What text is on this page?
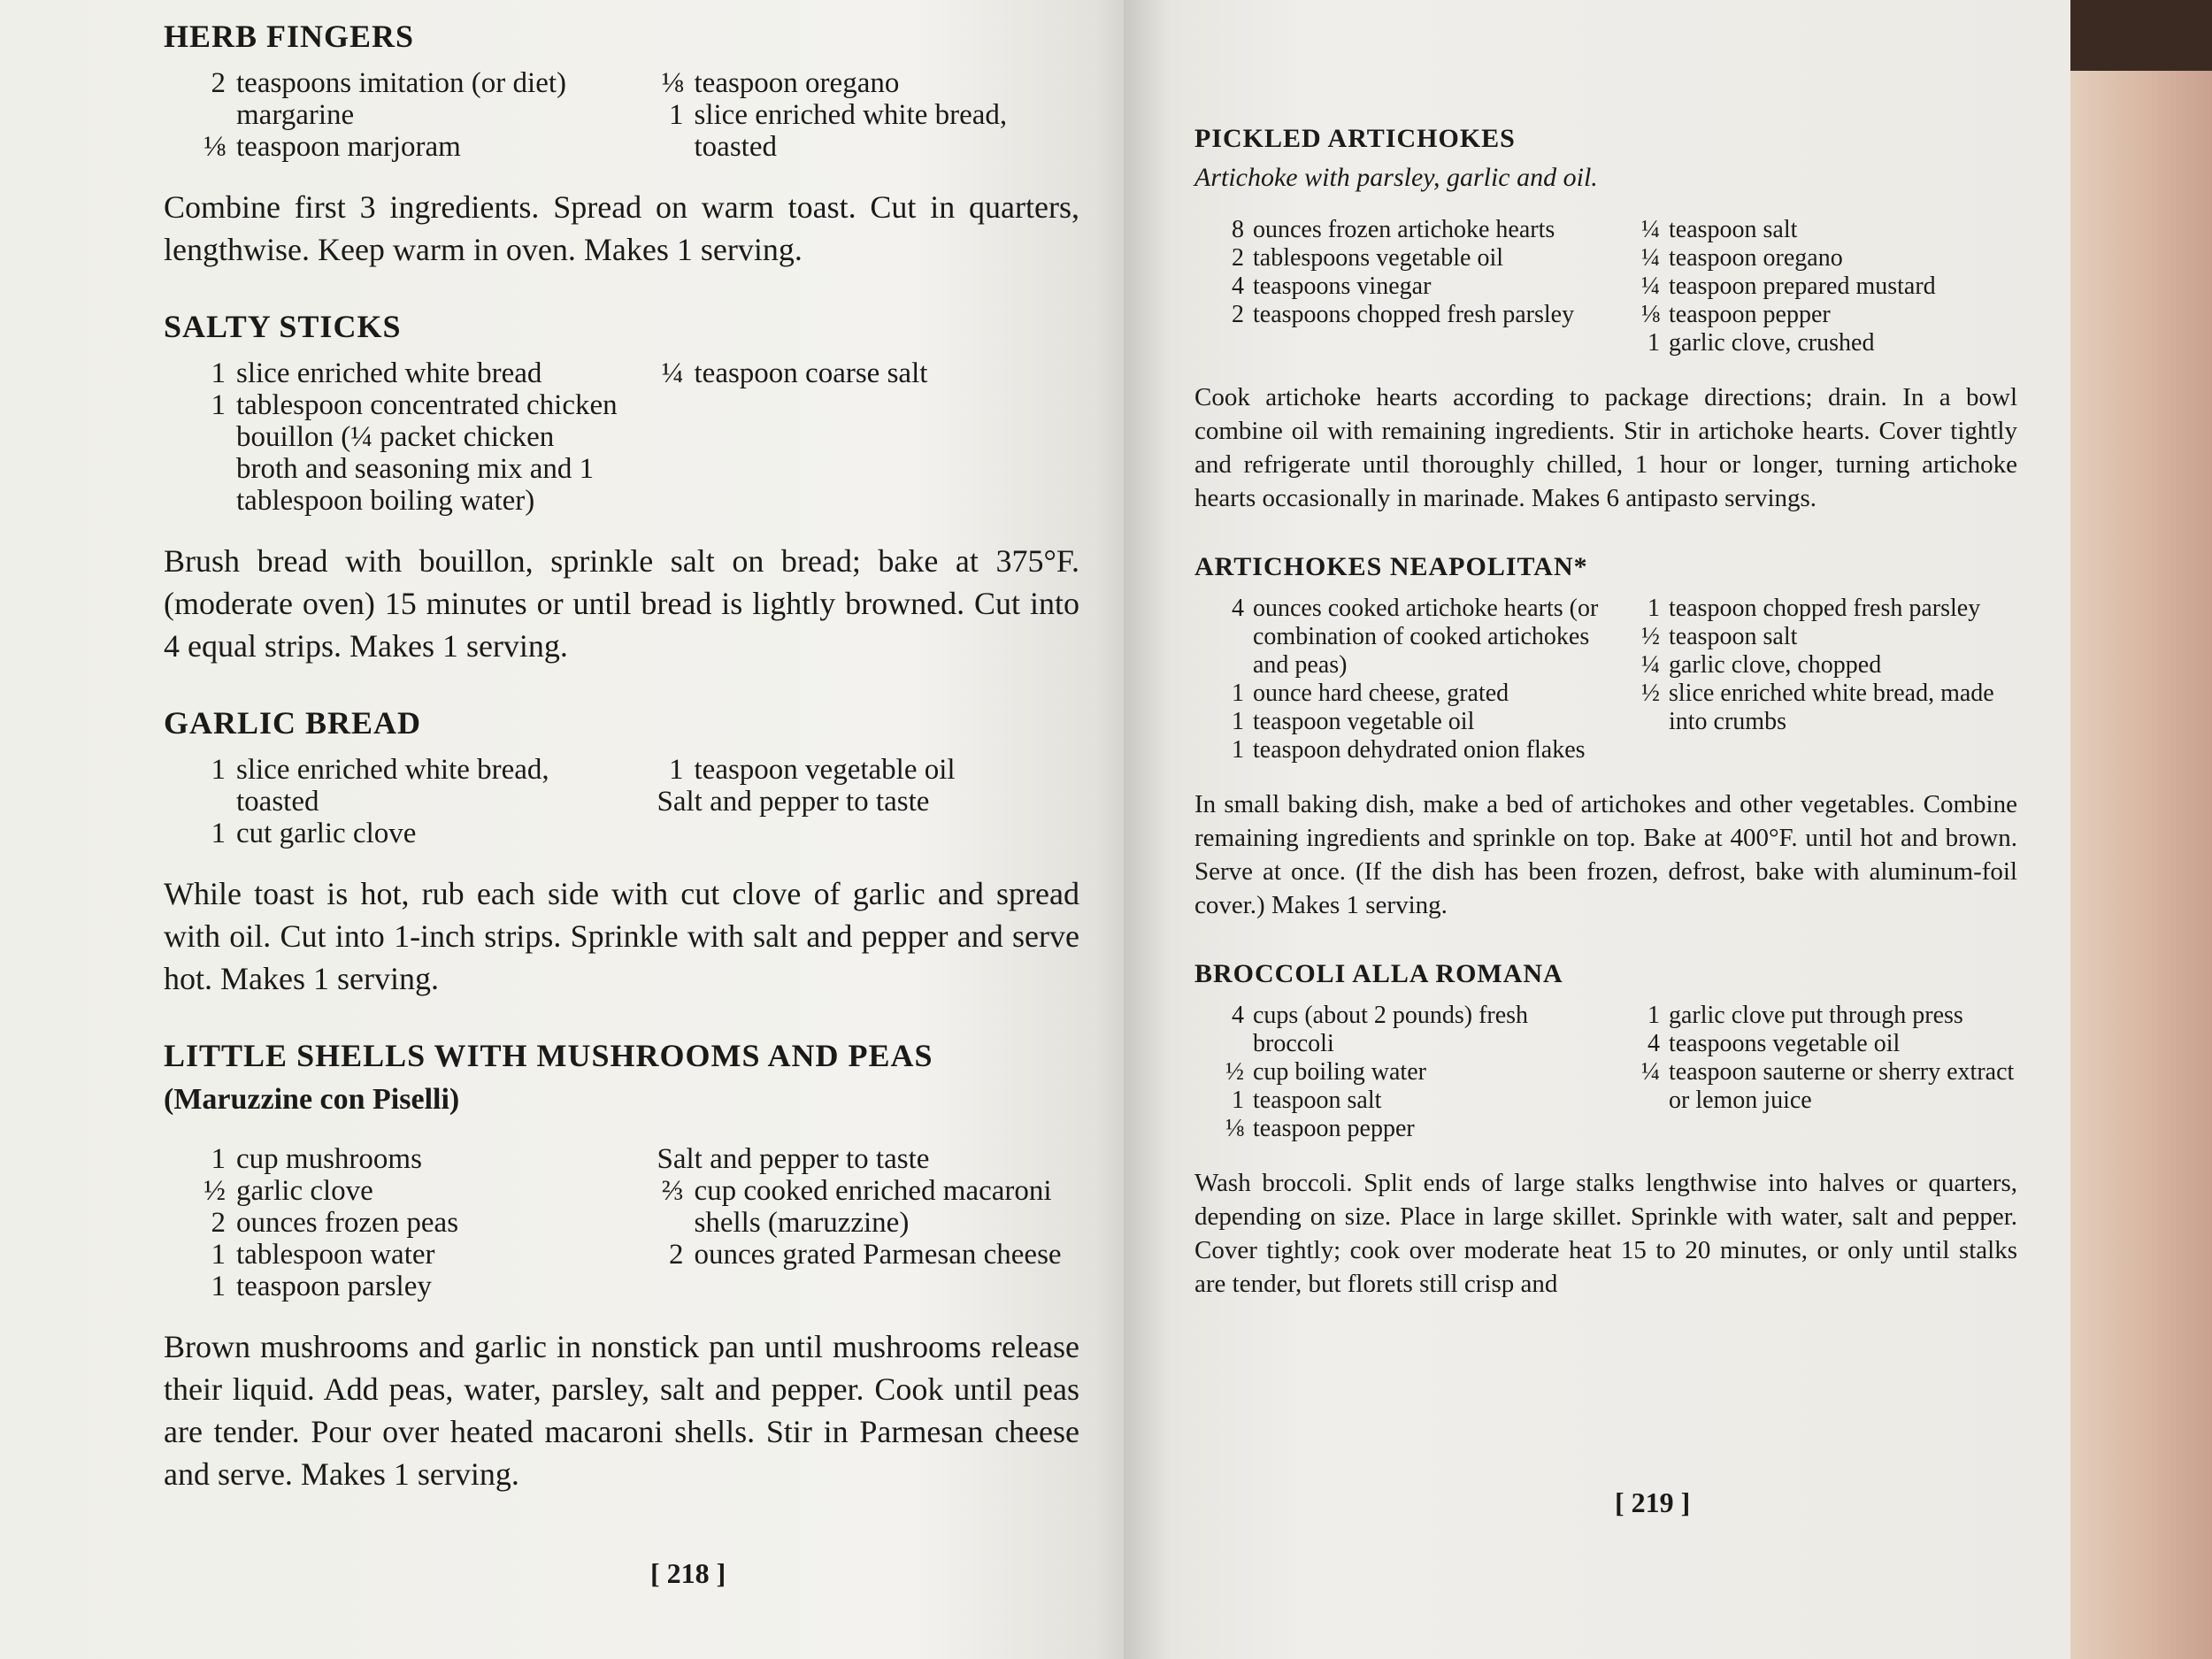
HERB FINGERS
2 teaspoons imitation (or diet) margarine
⅛ teaspoon marjoram
⅛ teaspoon oregano
1 slice enriched white bread, toasted

Combine first 3 ingredients. Spread on warm toast. Cut in quarters, lengthwise. Keep warm in oven. Makes 1 serving.

SALTY STICKS
1 slice enriched white bread
1 tablespoon concentrated chicken bouillon (¼ packet chicken broth and seasoning mix and 1 tablespoon boiling water)
¼ teaspoon coarse salt

Brush bread with bouillon, sprinkle salt on bread; bake at 375°F. (moderate oven) 15 minutes or until bread is lightly browned. Cut into 4 equal strips. Makes 1 serving.

GARLIC BREAD
1 slice enriched white bread, toasted
1 cut garlic clove
1 teaspoon vegetable oil
Salt and pepper to taste

While toast is hot, rub each side with cut clove of garlic and spread with oil. Cut into 1-inch strips. Sprinkle with salt and pepper and serve hot. Makes 1 serving.

LITTLE SHELLS WITH MUSHROOMS AND PEAS
(Maruzzine con Piselli)
1 cup mushrooms
½ garlic clove
2 ounces frozen peas
1 tablespoon water
1 teaspoon parsley
Salt and pepper to taste
⅔ cup cooked enriched macaroni shells (maruzzine)
2 ounces grated Parmesan cheese

Brown mushrooms and garlic in nonstick pan until mushrooms release their liquid. Add peas, water, parsley, salt and pepper. Cook until peas are tender. Pour over heated macaroni shells. Stir in Parmesan cheese and serve. Makes 1 serving.

[ 218 ]
PICKLED ARTICHOKES
Artichoke with parsley, garlic and oil.
8 ounces frozen artichoke hearts
2 tablespoons vegetable oil
4 teaspoons vinegar
2 teaspoons chopped fresh parsley
¼ teaspoon salt
¼ teaspoon oregano
¼ teaspoon prepared mustard
⅛ teaspoon pepper
1 garlic clove, crushed

Cook artichoke hearts according to package directions; drain. In a bowl combine oil with remaining ingredients. Stir in artichoke hearts. Cover tightly and refrigerate until thoroughly chilled, 1 hour or longer, turning artichoke hearts occasionally in marinade. Makes 6 antipasto servings.

ARTICHOKES NEAPOLITAN*
4 ounces cooked artichoke hearts (or combination of cooked artichokes and peas)
1 ounce hard cheese, grated
1 teaspoon vegetable oil
1 teaspoon dehydrated onion flakes
1 teaspoon chopped fresh parsley
½ teaspoon salt
¼ garlic clove, chopped
½ slice enriched white bread, made into crumbs

In small baking dish, make a bed of artichokes and other vegetables. Combine remaining ingredients and sprinkle on top. Bake at 400°F. until hot and brown. Serve at once. (If the dish has been frozen, defrost, bake with aluminum-foil cover.) Makes 1 serving.

BROCCOLI ALLA ROMANA
4 cups (about 2 pounds) fresh broccoli
½ cup boiling water
1 teaspoon salt
⅛ teaspoon pepper
1 garlic clove put through press
4 teaspoons vegetable oil
¼ teaspoon sauterne or sherry extract or lemon juice

Wash broccoli. Split ends of large stalks lengthwise into halves or quarters, depending on size. Place in large skillet. Sprinkle with water, salt and pepper. Cover tightly; cook over moderate heat 15 to 20 minutes, or only until stalks are tender, but florets still crisp and

[ 219 ]
